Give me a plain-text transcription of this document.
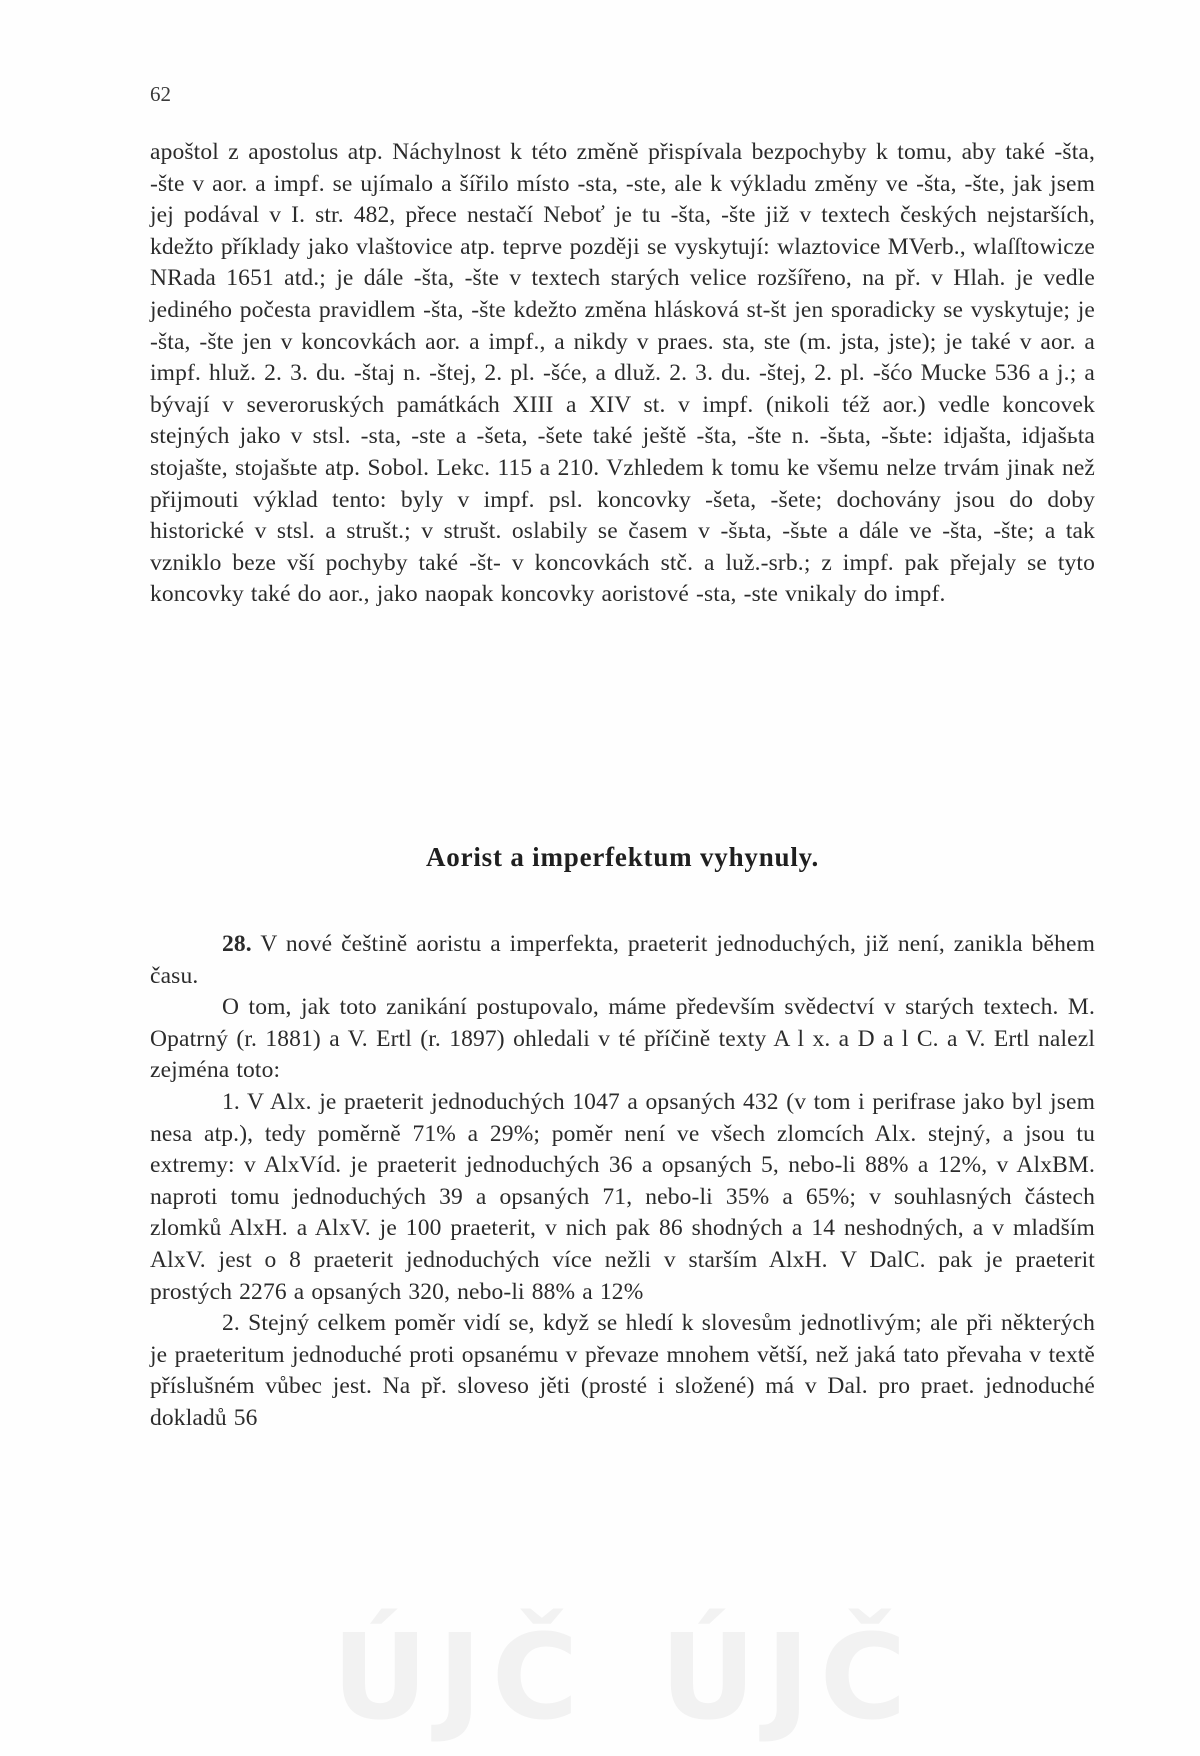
62

apoštol z apostolus atp. Náchylnost k této změně přispívala bezpochyby k tomu, aby také -šta, -šte v aor. a impf. se ujímalo a šířilo místo -sta, -ste, ale k výkladu změny ve -šta, -šte, jak jsem jej podával v I. str. 482, přece nestačí Neboť je tu -šta, -šte již v textech českých nejstarších, kdežto příklady jako vlaštovice atp. teprve později se vyskytují: wlaztovice MVerb., wlaſſtowicze NRada 1651 atd.; je dále -šta, -šte v textech starých velice rozšířeno, na př. v Hlah. je vedle jediného počesta pravidlem -šta, -šte kdežto změna hlásková st-št jen sporadicky se vyskytuje; je -šta, -šte jen v koncovkách aor. a impf., a nikdy v praes. sta, ste (m. jsta, jste); je také v aor. a impf. hluž. 2. 3. du. -štaj n. -štej, 2. pl. -šće, a dluž. 2. 3. du. -štej, 2. pl. -šćo Mucke 536 a j.; a bývají v severoruských památkách XIII a XIV st. v impf. (nikoli též aor.) vedle koncovek stejných jako v stsl. -sta, -ste a -šeta, -šete také ještě -šta, -šte n. -šьta, -šьte: idjašta, idjašьta stojašte, stojašьte atp. Sobol. Lekc. 115 a 210. Vzhledem k tomu ke všemu nelze trvám jinak než přijmouti výklad tento: byly v impf. psl. koncovky -šeta, -šete; dochovány jsou do doby historické v stsl. a strušt.; v strušt. oslabily se časem v -šьta, -šьte a dále ve -šta, -šte; a tak vzniklo beze vší pochyby také -št- v koncovkách stč. a luž.-srb.; z impf. pak přejaly se tyto koncovky také do aor., jako naopak koncovky aoristové -sta, -ste vnikaly do impf.

Aorist a imperfektum vyhynuly.

28. V nové češtině aoristu a imperfekta, praeterit jednoduchých, již není, zanikla během času.

O tom, jak toto zanikání postupovalo, máme především svědectví v starých textech. M. Opatrný (r. 1881) a V. Ertl (r. 1897) ohledali v té příčině texty A l x. a D a l C. a V. Ertl nalezl zejména toto:

1. V Alx. je praeterit jednoduchých 1047 a opsaných 432 (v tom i perifrase jako byl jsem nesa atp.), tedy poměrně 71% a 29%; poměr není ve všech zlomcích Alx. stejný, a jsou tu extremy: v AlxVíd. je praeterit jednoduchých 36 a opsaných 5, nebo-li 88% a 12%, v AlxBM. naproti tomu jednoduchých 39 a opsaných 71, nebo-li 35% a 65%; v souhlasných částech zlomků AlxH. a AlxV. je 100 praeterit, v nich pak 86 shodných a 14 neshodných, a v mladším AlxV. jest o 8 praeterit jednoduchých více nežli v starším AlxH. V DalC. pak je praeterit prostých 2276 a opsaných 320, nebo-li 88% a 12%

2. Stejný celkem poměr vidí se, když se hledí k slovesům jednotlivým; ale při některých je praeteritum jednoduché proti opsanému v převaze mnohem větší, než jaká tato převaha v textě příslušném vůbec jest. Na př. sloveso jěti (prosté i složené) má v Dal. pro praet. jednoduché dokladů 56

ÚJČ ÚJČ
